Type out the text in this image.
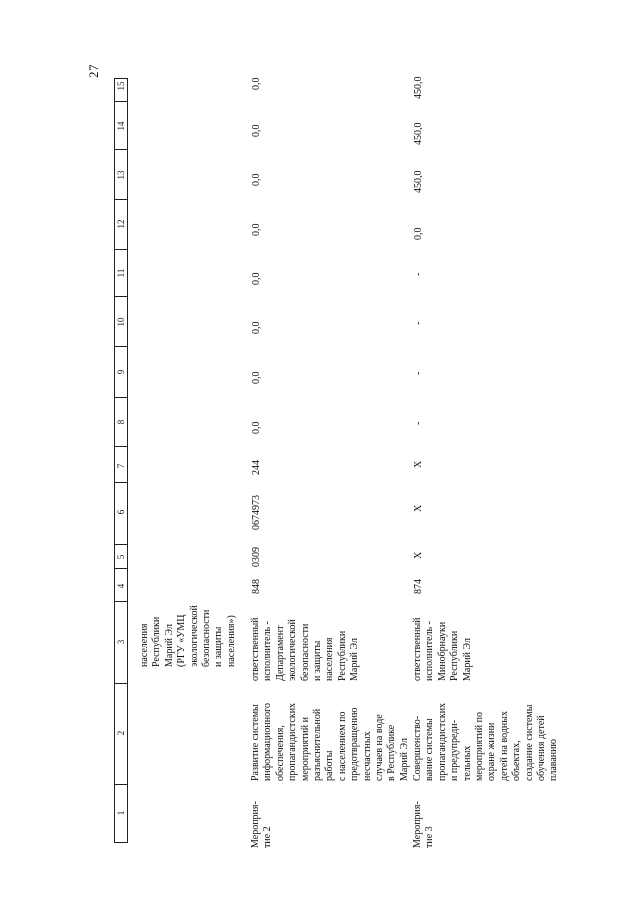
27
1
2
3
4
5
6
7
8
9
10
11
12
13
14
15
населения Республики Марий Эл (РГУ «УМЦ экологической безопасности и защиты населения»)
Мероприя- тие 2
Развитие системы информационного обеспечения, пропагандистских мероприятий и разъяснительной работы с населением по предотвращению несчастных случаев на воде в Республике Марий Эл
ответственный исполнитель - Департамент экологической безопасности и защиты населения Республики Марий Эл
848
0309
0674973
244
0,0
0,0
0,0
0,0
0,0
0,0
0,0
0,0
Мероприя- тие 3
Совершенство- вание системы пропагандистских и предупреди- тельных мероприятий по охране жизни детей на водных объектах, создание системы обучения детей плаванию
ответственный исполнитель - Минобрнауки Республики Марий Эл
874
X
X
X
-
-
-
-
0,0
450,0
450,0
450,0
